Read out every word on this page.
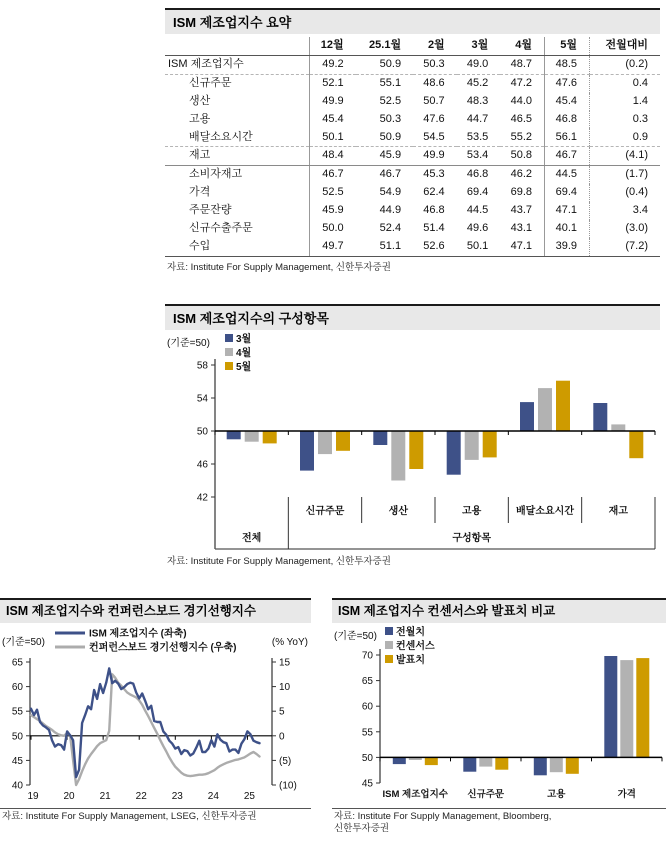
ISM 제조업지수 요약
	12월	25.1월	2월	3월	4월	5월	전월대비
ISM 제조업지수	49.2	50.9	50.3	49.0	48.7	48.5	(0.2)
신규주문	52.1	55.1	48.6	45.2	47.2	47.6	0.4
생산	49.9	52.5	50.7	48.3	44.0	45.4	1.4
고용	45.4	50.3	47.6	44.7	46.5	46.8	0.3
배달소요시간	50.1	50.9	54.5	53.5	55.2	56.1	0.9
재고	48.4	45.9	49.9	53.4	50.8	46.7	(4.1)
소비자재고	46.7	46.7	45.3	46.8	46.2	44.5	(1.7)
가격	52.5	54.9	62.4	69.4	69.8	69.4	(0.4)
주문잔량	45.9	44.9	46.8	44.5	43.7	47.1	3.4
신규수출주문	50.0	52.4	51.4	49.6	43.1	40.1	(3.0)
수입	49.7	51.1	52.6	50.1	47.1	39.9	(7.2)

자료: Institute For Supply Management, 신한투자증권

ISM 제조업지수의 구성항목
42
46
50
54
58
(기준=50)	3월
4월
5월
신규주문	생산	고용	배달소요시간	재고
전체	구성항목

자료: Institute For Supply Management, 신한투자증권

ISM 제조업지수와 컨퍼런스보드 경기선행지수
(기준=50)	(% YoY)
40
45
50
55
60
65
(10)
(5)
0
5
10
15
19 20 21 22 23 24 25
ISM 제조업지수 (좌축)
컨퍼런스보드 경기선행지수 (우축)

자료: Institute For Supply Management, LSEG, 신한투자증권

ISM 제조업지수 컨센서스와 발표치 비교
45
50
55
60
65
70
(기준=50) 전월치
컨센서스
발표치
ISM 제조업지수 신규주문	고용	가격

자료: Institute For Supply Management, Bloomberg,
신한투자증권
